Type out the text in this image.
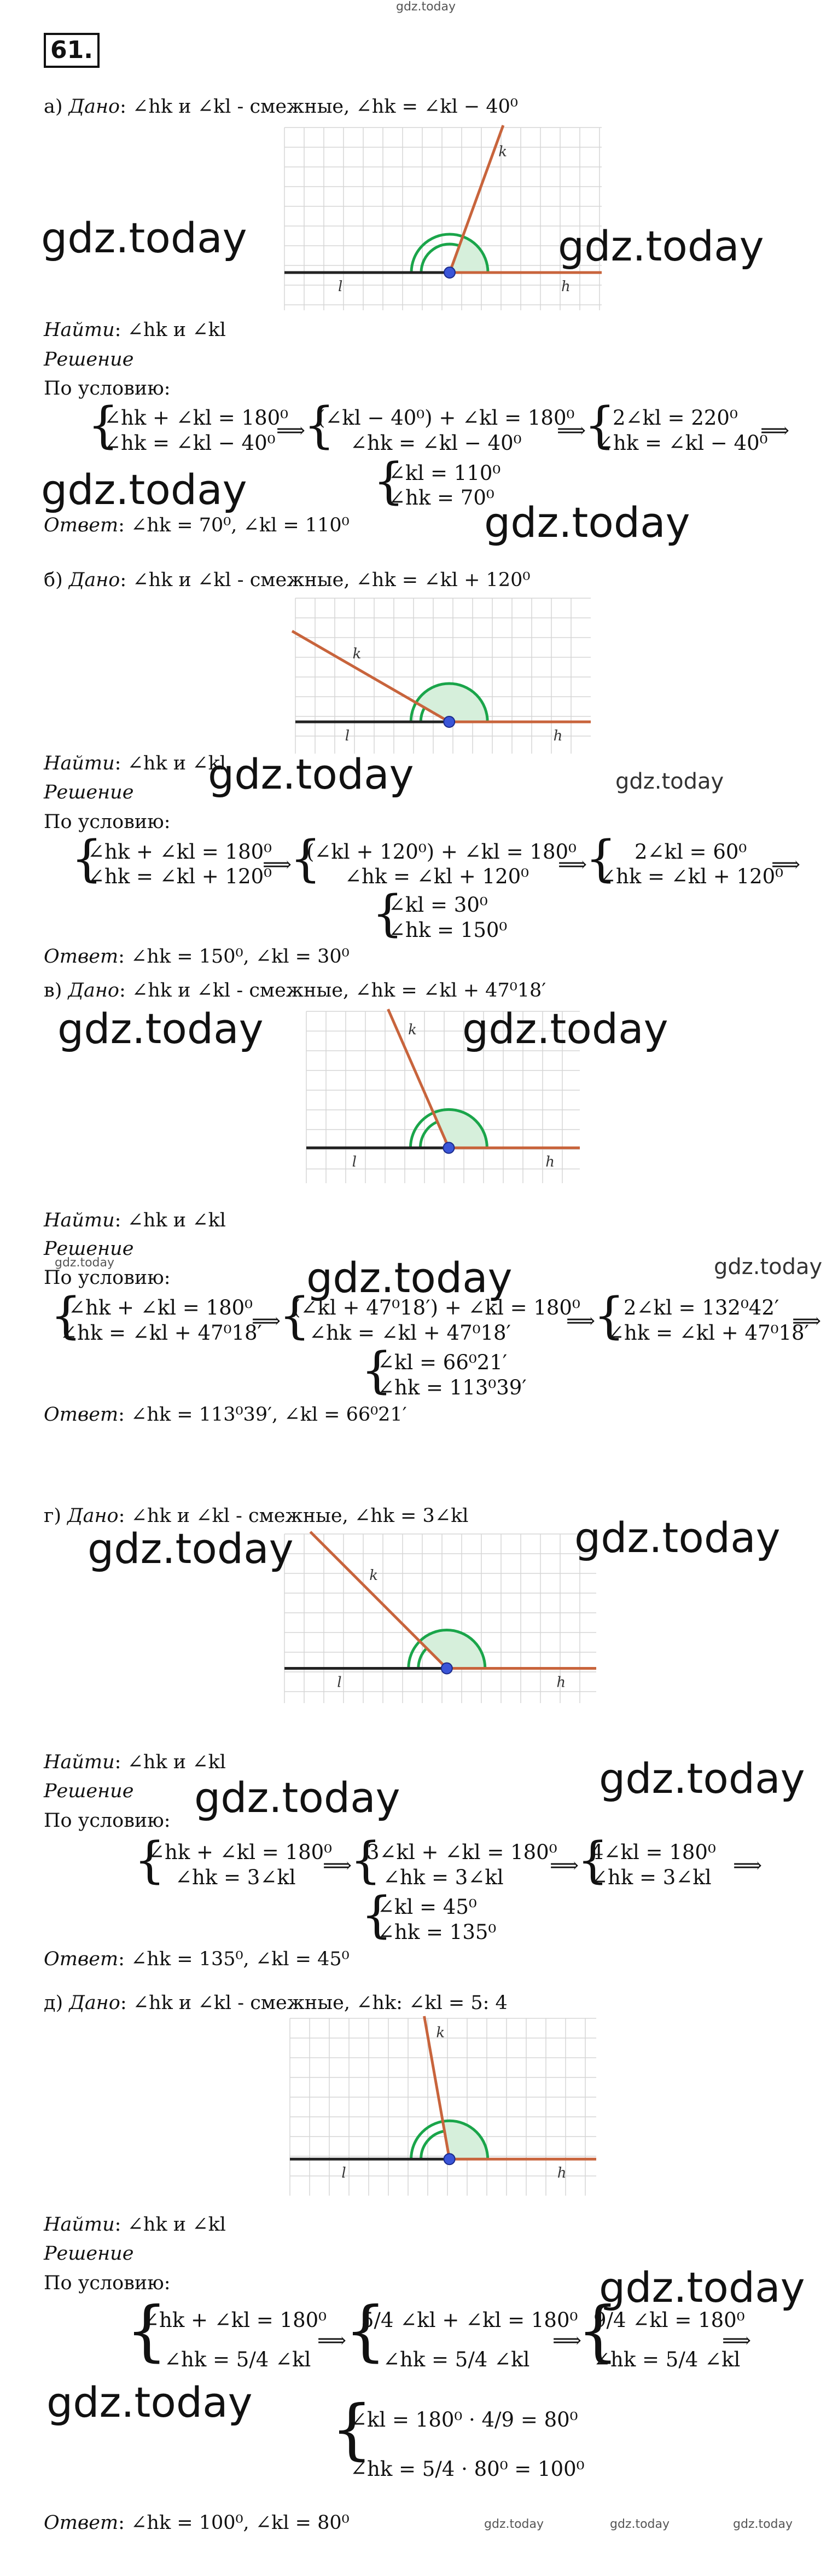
gdz.today
61.
а) Дано: ∠hk и ∠kl - смежные, ∠hk = ∠kl − 40⁰
l	h
k
Найти: ∠hk и ∠kl
Решение
По условию:
{
∠hk + ∠kl = 180⁰
∠hk = ∠kl − 40⁰
⟹
{
(∠kl − 40⁰) + ∠kl = 180⁰
∠hk = ∠kl − 40⁰
⟹
{
2∠kl = 220⁰
∠hk = ∠kl − 40⁰
⟹
{
∠kl = 110⁰
∠hk = 70⁰
Ответ: ∠hk = 70⁰, ∠kl = 110⁰
gdz.today	gdz.today
gdz.today
gdz.today
б) Дано: ∠hk и ∠kl - смежные, ∠hk = ∠kl + 120⁰
l	h
k
Найти: ∠hk и ∠kl
Решение
По условию:
{
∠hk + ∠kl = 180⁰
∠hk = ∠kl + 120⁰
⟹
{
(∠kl + 120⁰) + ∠kl = 180⁰
∠hk = ∠kl + 120⁰
⟹
{ 2∠kl = 60⁰
∠hk = ∠kl + 120⁰
⟹
{
∠kl = 30⁰
∠hk = 150⁰
Ответ: ∠hk = 150⁰, ∠kl = 30⁰
gdz.today	gdz.today
в) Дано: ∠hk и ∠kl - смежные, ∠hk = ∠kl + 47⁰18′
l	h
k
Найти: ∠hk и ∠kl
Решение
gdz.today
По условию:
{
∠hk + ∠kl = 180⁰
∠hk = ∠kl + 47⁰18′
⟹
{
(∠kl + 47⁰18′) + ∠kl = 180⁰
∠hk = ∠kl + 47⁰18′
⟹
{
2∠kl = 132⁰42′
∠hk = ∠kl + 47⁰18′
⟹
{
∠kl = 66⁰21′
∠hk = 113⁰39′
Ответ: ∠hk = 113⁰39′, ∠kl = 66⁰21′
gdz.today	gdz.today
gdz.today	gdz.today
г) Дано: ∠hk и ∠kl - смежные, ∠hk = 3∠kl
l	h
k
Найти: ∠hk и ∠kl
Решение
По условию:
{
∠hk + ∠kl = 180⁰
∠hk = 3∠kl
⟹
{
3∠kl + ∠kl = 180⁰
∠hk = 3∠kl
⟹
{
4∠kl = 180⁰
∠hk = 3∠kl
⟹
{
∠kl = 45⁰
∠hk = 135⁰
Ответ: ∠hk = 135⁰, ∠kl = 45⁰
gdz.today	gdz.today
gdz.today	gdz.today
д) Дано: ∠hk и ∠kl - смежные, ∠hk: ∠kl = 5: 4
l	h
k
Найти: ∠hk и ∠kl
Решение
По условию:
{
∠hk + ∠kl = 180⁰
∠hk = 5/4 ∠kl
⟹
{
5/4 ∠kl + ∠kl = 180⁰
∠hk = 5/4 ∠kl
⟹
{
9/4 ∠kl = 180⁰
∠hk = 5/4 ∠kl
⟹
{
∠kl = 180⁰ · 4/9 = 80⁰
∠hk = 5/4 · 80⁰ = 100⁰
Ответ: ∠hk = 100⁰, ∠kl = 80⁰
gdz.today
gdz.today
gdz.today	gdz.today	gdz.today
